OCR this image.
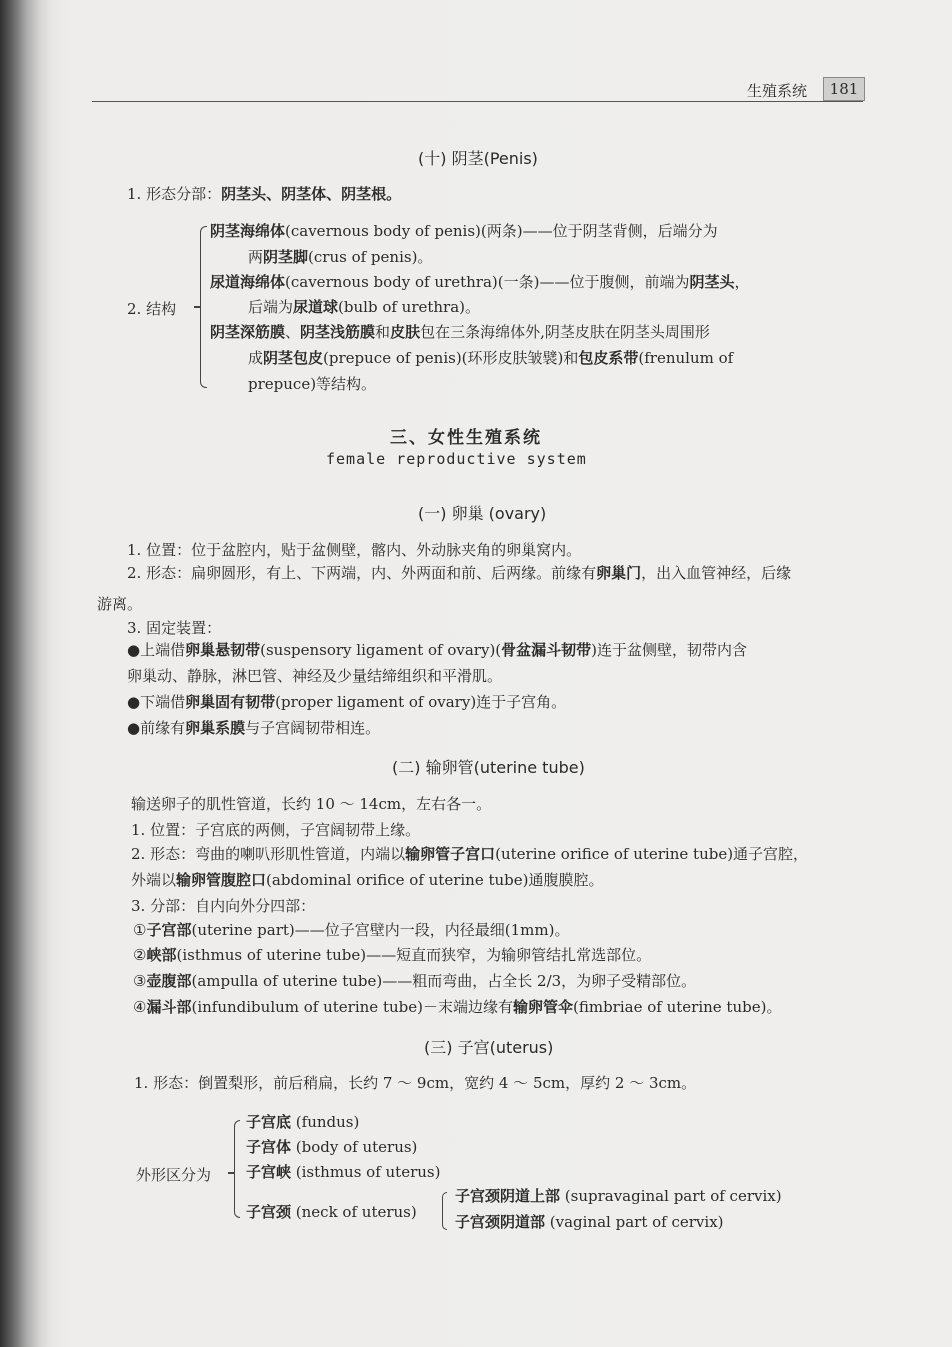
生殖系统	181
(十) 阴茎(Penis)
1. 形态分部：阴茎头、阴茎体、阴茎根。
2. 结构
阴茎海绵体(cavernous body of penis)(两条)——位于阴茎背侧，后端分为
两阴茎脚(crus of penis)。
尿道海绵体(cavernous body of urethra)(一条)——位于腹侧，前端为阴茎头，
后端为尿道球(bulb of urethra)。
阴茎深筋膜、阴茎浅筋膜和皮肤包在三条海绵体外,阴茎皮肤在阴茎头周围形
成阴茎包皮(prepuce of penis)(环形皮肤皱襞)和包皮系带(frenulum of
prepuce)等结构。
三、女性生殖系统
female reproductive system
(一) 卵巢 (ovary)
1. 位置：位于盆腔内，贴于盆侧壁，髂内、外动脉夹角的卵巢窝内。
2. 形态：扁卵圆形，有上、下两端，内、外两面和前、后两缘。前缘有卵巢门，出入血管神经，后缘
游离。
3. 固定装置：
●上端借卵巢悬韧带(suspensory ligament of ovary)(骨盆漏斗韧带)连于盆侧壁，韧带内含
卵巢动、静脉，淋巴管、神经及少量结缔组织和平滑肌。
●下端借卵巢固有韧带(proper ligament of ovary)连于子宫角。
●前缘有卵巢系膜与子宫阔韧带相连。
(二) 输卵管(uterine tube)
输送卵子的肌性管道，长约 10 ～ 14cm，左右各一。
1. 位置：子宫底的两侧，子宫阔韧带上缘。
2. 形态：弯曲的喇叭形肌性管道，内端以输卵管子宫口(uterine orifice of uterine tube)通子宫腔，
外端以输卵管腹腔口(abdominal orifice of uterine tube)通腹膜腔。
3. 分部：自内向外分四部：
①子宫部(uterine part)——位子宫壁内一段，内径最细(1mm)。
②峡部(isthmus of uterine tube)——短直而狭窄，为输卵管结扎常选部位。
③壶腹部(ampulla of uterine tube)——粗而弯曲，占全长 2/3，为卵子受精部位。
④漏斗部(infundibulum of uterine tube)－末端边缘有输卵管伞(fimbriae of uterine tube)。
(三) 子宫(uterus)
1. 形态：倒置梨形，前后稍扁，长约 7 ～ 9cm，宽约 4 ～ 5cm，厚约 2 ～ 3cm。
外形区分为
子宫底 (fundus)
子宫体 (body of uterus)
子宫峡 (isthmus of uterus)
子宫颈 (neck of uterus)
子宫颈阴道上部 (supravaginal part of cervix)
子宫颈阴道部 (vaginal part of cervix)
